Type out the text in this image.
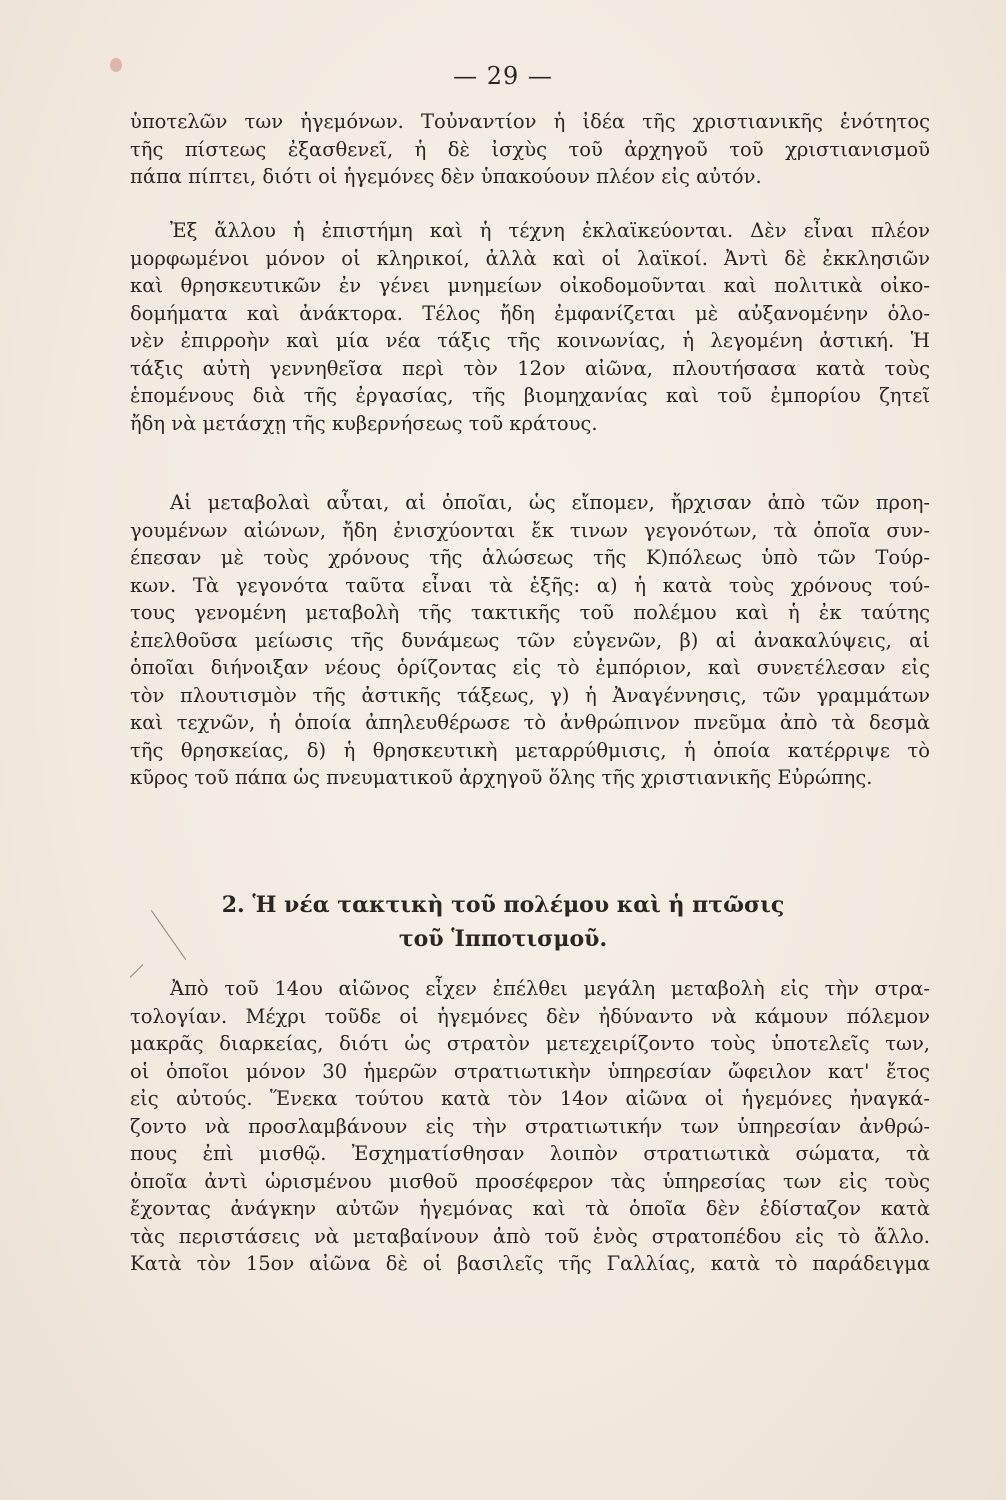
— 29 —
ὑποτελῶν των ἡγεμόνων. Τοὐναντίον ἡ ἰδέα τῆς χριστιανικῆς ἑνότητος
τῆς πίστεως ἐξασθενεῖ, ἡ δὲ ἰσχὺς τοῦ ἀρχηγοῦ τοῦ χριστιανισμοῦ
πάπα πίπτει, διότι οἱ ἡγεμόνες δὲν ὑπακούουν πλέον εἰς αὐτόν.
Ἐξ ἄλλου ἡ ἐπιστήμη καὶ ἡ τέχνη ἐκλαϊκεύονται. Δὲν εἶναι πλέον
μορφωμένοι μόνον οἱ κληρικοί, ἀλλὰ καὶ οἱ λαϊκοί. Ἀντὶ δὲ ἐκκλησιῶν
καὶ θρησκευτικῶν ἐν γένει μνημείων οἰκοδομοῦνται καὶ πολιτικὰ οἰκο-
δομήματα καὶ ἀνάκτορα. Τέλος ἤδη ἐμφανίζεται μὲ αὐξανομένην ὁλο-
νὲν ἐπιρροὴν καὶ μία νέα τάξις τῆς κοινωνίας, ἡ λεγομένη ἀστική. Ἡ
τάξις αὐτὴ γεννηθεῖσα περὶ τὸν 12ον αἰῶνα, πλουτήσασα κατὰ τοὺς
ἑπομένους διὰ τῆς ἐργασίας, τῆς βιομηχανίας καὶ τοῦ ἐμπορίου ζητεῖ
ἤδη νὰ μετάσχῃ τῆς κυβερνήσεως τοῦ κράτους.
Αἱ μεταβολαὶ αὗται, αἱ ὁποῖαι, ὡς εἴπομεν, ἤρχισαν ἀπὸ τῶν προη-
γουμένων αἰώνων, ἤδη ἐνισχύονται ἔκ τινων γεγονότων, τὰ ὁποῖα συν-
έπεσαν μὲ τοὺς χρόνους τῆς ἁλώσεως τῆς Κ)πόλεως ὑπὸ τῶν Τούρ-
κων. Τὰ γεγονότα ταῦτα εἶναι τὰ ἑξῆς: α) ἡ κατὰ τοὺς χρόνους τού-
τους γενομένη μεταβολὴ τῆς τακτικῆς τοῦ πολέμου καὶ ἡ ἐκ ταύτης
ἐπελθοῦσα μείωσις τῆς δυνάμεως τῶν εὐγενῶν, β) αἱ ἀνακαλύψεις, αἱ
ὁποῖαι διήνοιξαν νέους ὁρίζοντας εἰς τὸ ἐμπόριον, καὶ συνετέλεσαν εἰς
τὸν πλουτισμὸν τῆς ἀστικῆς τάξεως, γ) ἡ Ἀναγέννησις, τῶν γραμμάτων
καὶ τεχνῶν, ἡ ὁποία ἀπηλευθέρωσε τὸ ἀνθρώπινον πνεῦμα ἀπὸ τὰ δεσμὰ
τῆς θρησκείας, δ) ἡ θρησκευτικὴ μεταρρύθμισις, ἡ ὁποία κατέρριψε τὸ
κῦρος τοῦ πάπα ὡς πνευματικοῦ ἀρχηγοῦ ὅλης τῆς χριστιανικῆς Εὐρώπης.
2. Ἡ νέα τακτικὴ τοῦ πολέμου καὶ ἡ πτῶσις
τοῦ Ἱπποτισμοῦ.
Ἀπὸ τοῦ 14ου αἰῶνος εἶχεν ἐπέλθει μεγάλη μεταβολὴ εἰς τὴν στρα-
τολογίαν. Μέχρι τοῦδε οἱ ἡγεμόνες δὲν ἠδύναντο νὰ κάμουν πόλεμον
μακρᾶς διαρκείας, διότι ὡς στρατὸν μετεχειρίζοντο τοὺς ὑποτελεῖς των,
οἱ ὁποῖοι μόνον 30 ἡμερῶν στρατιωτικὴν ὑπηρεσίαν ὤφειλον κατ' ἔτος
εἰς αὐτούς. Ἕνεκα τούτου κατὰ τὸν 14ον αἰῶνα οἱ ἡγεμόνες ἠναγκά-
ζοντο νὰ προσλαμβάνουν εἰς τὴν στρατιωτικήν των ὑπηρεσίαν ἀνθρώ-
πους ἐπὶ μισθῷ. Ἐσχηματίσθησαν λοιπὸν στρατιωτικὰ σώματα, τὰ
ὁποῖα ἀντὶ ὡρισμένου μισθοῦ προσέφερον τὰς ὑπηρεσίας των εἰς τοὺς
ἔχοντας ἀνάγκην αὐτῶν ἡγεμόνας καὶ τὰ ὁποῖα δὲν ἐδίσταζον κατὰ
τὰς περιστάσεις νὰ μεταβαίνουν ἀπὸ τοῦ ἑνὸς στρατοπέδου εἰς τὸ ἄλλο.
Κατὰ τὸν 15ον αἰῶνα δὲ οἱ βασιλεῖς τῆς Γαλλίας, κατὰ τὸ παράδειγμα
